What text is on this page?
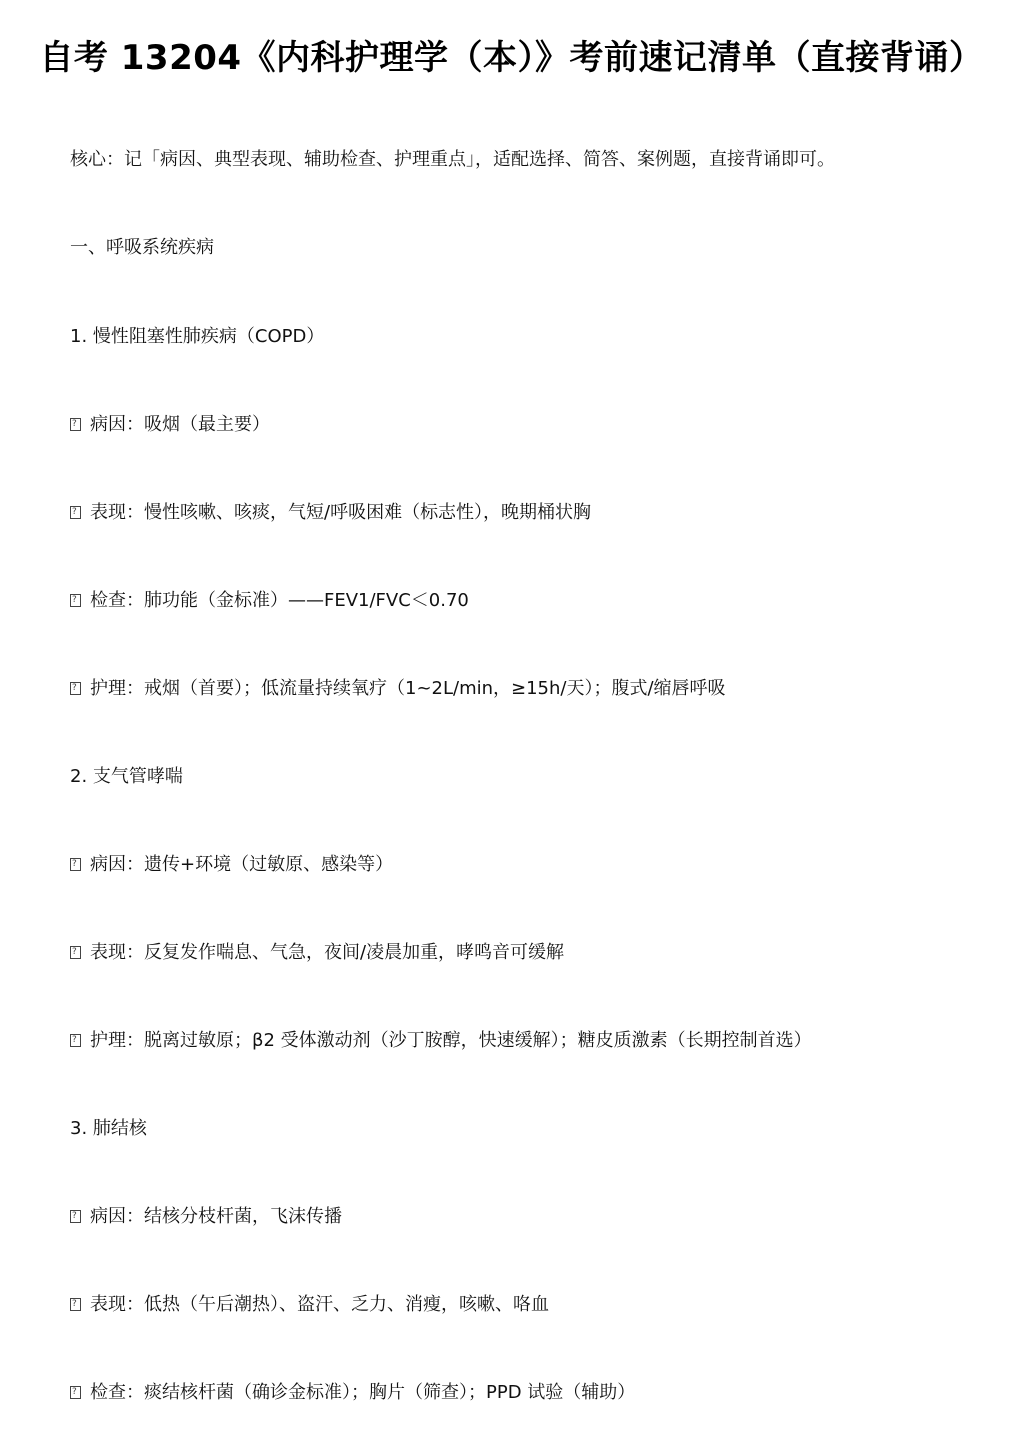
自考 13204《内科护理学（本）》考前速记清单（直接背诵）
核心：记「病因、典型表现、辅助检查、护理重点」，适配选择、简答、案例题，直接背诵即可。
一、呼吸系统疾病
1. 慢性阻塞性肺疾病（COPD）
?病因：吸烟（最主要）
?表现：慢性咳嗽、咳痰，气短/呼吸困难（标志性），晚期桶状胸
?检查：肺功能（金标准）——FEV1/FVC＜0.70
?护理：戒烟（首要）；低流量持续氧疗（1~2L/min，≥15h/天）；腹式/缩唇呼吸
2. 支气管哮喘
?病因：遗传+环境（过敏原、感染等）
?表现：反复发作喘息、气急，夜间/凌晨加重，哮鸣音可缓解
?护理：脱离过敏原；β2 受体激动剂（沙丁胺醇，快速缓解）；糖皮质激素（长期控制首选）
3. 肺结核
?病因：结核分枝杆菌，飞沫传播
?表现：低热（午后潮热）、盗汗、乏力、消瘦，咳嗽、咯血
?检查：痰结核杆菌（确诊金标准）；胸片（筛查）；PPD 试验（辅助）
